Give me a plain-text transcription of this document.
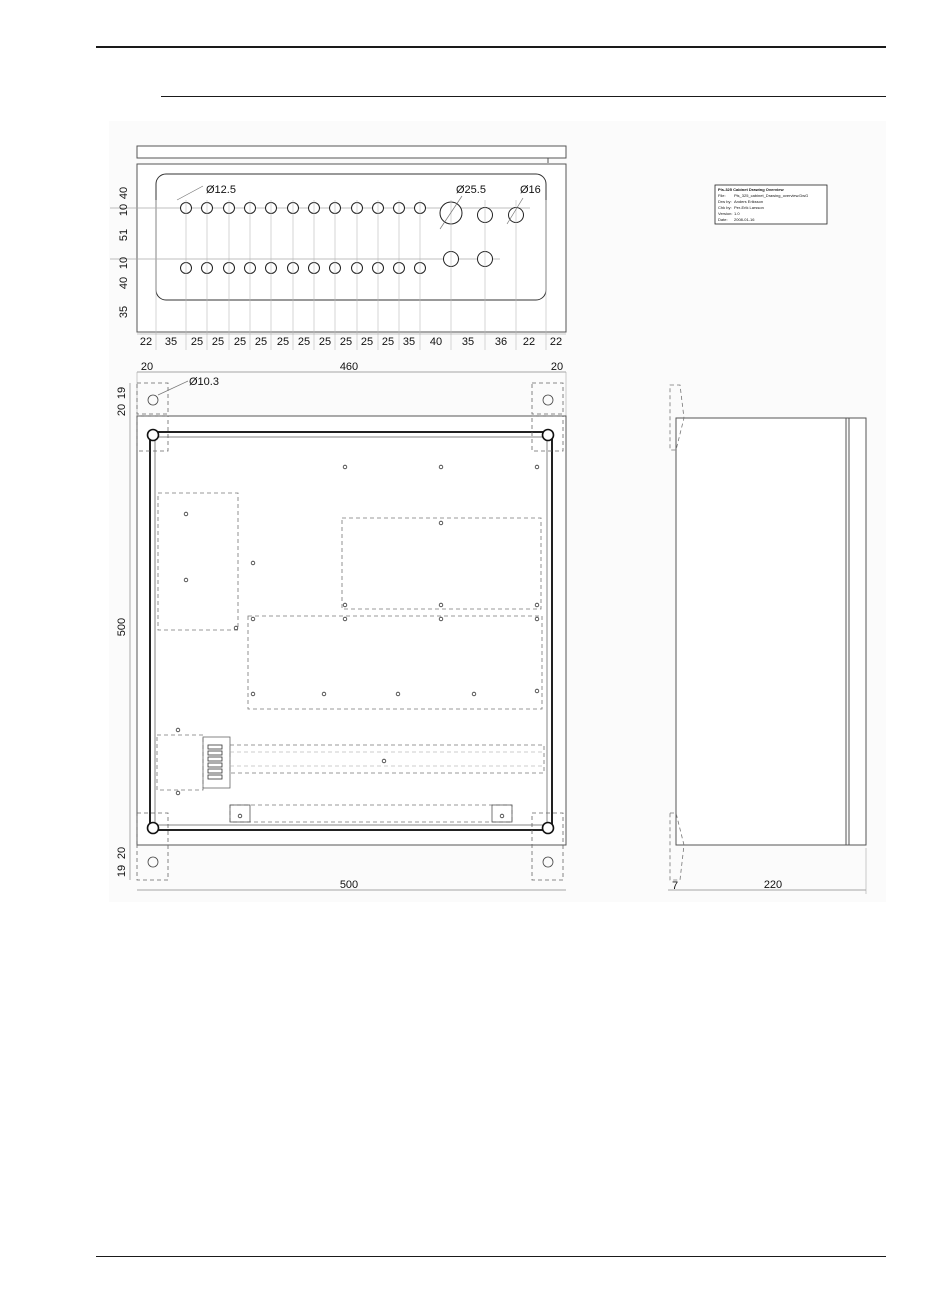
40
10
51
10
40
35
22 35 25 25 25 25 25 25 25 25 25 25 35 40 35 36 22 22
Ø12.5	Ø25.5	Ø16	Pls-325 Cabinet Drawing Overview
File: Pls_325_cabinet_Drawing_overview.DwG
Drw by: Anders Eriksson
Chk by: Per-Erik Larsson
Version: 1.0
Date: 2008-01-16
20	460	20
19
20
500
20
19
Ø10.3
500	7	220
